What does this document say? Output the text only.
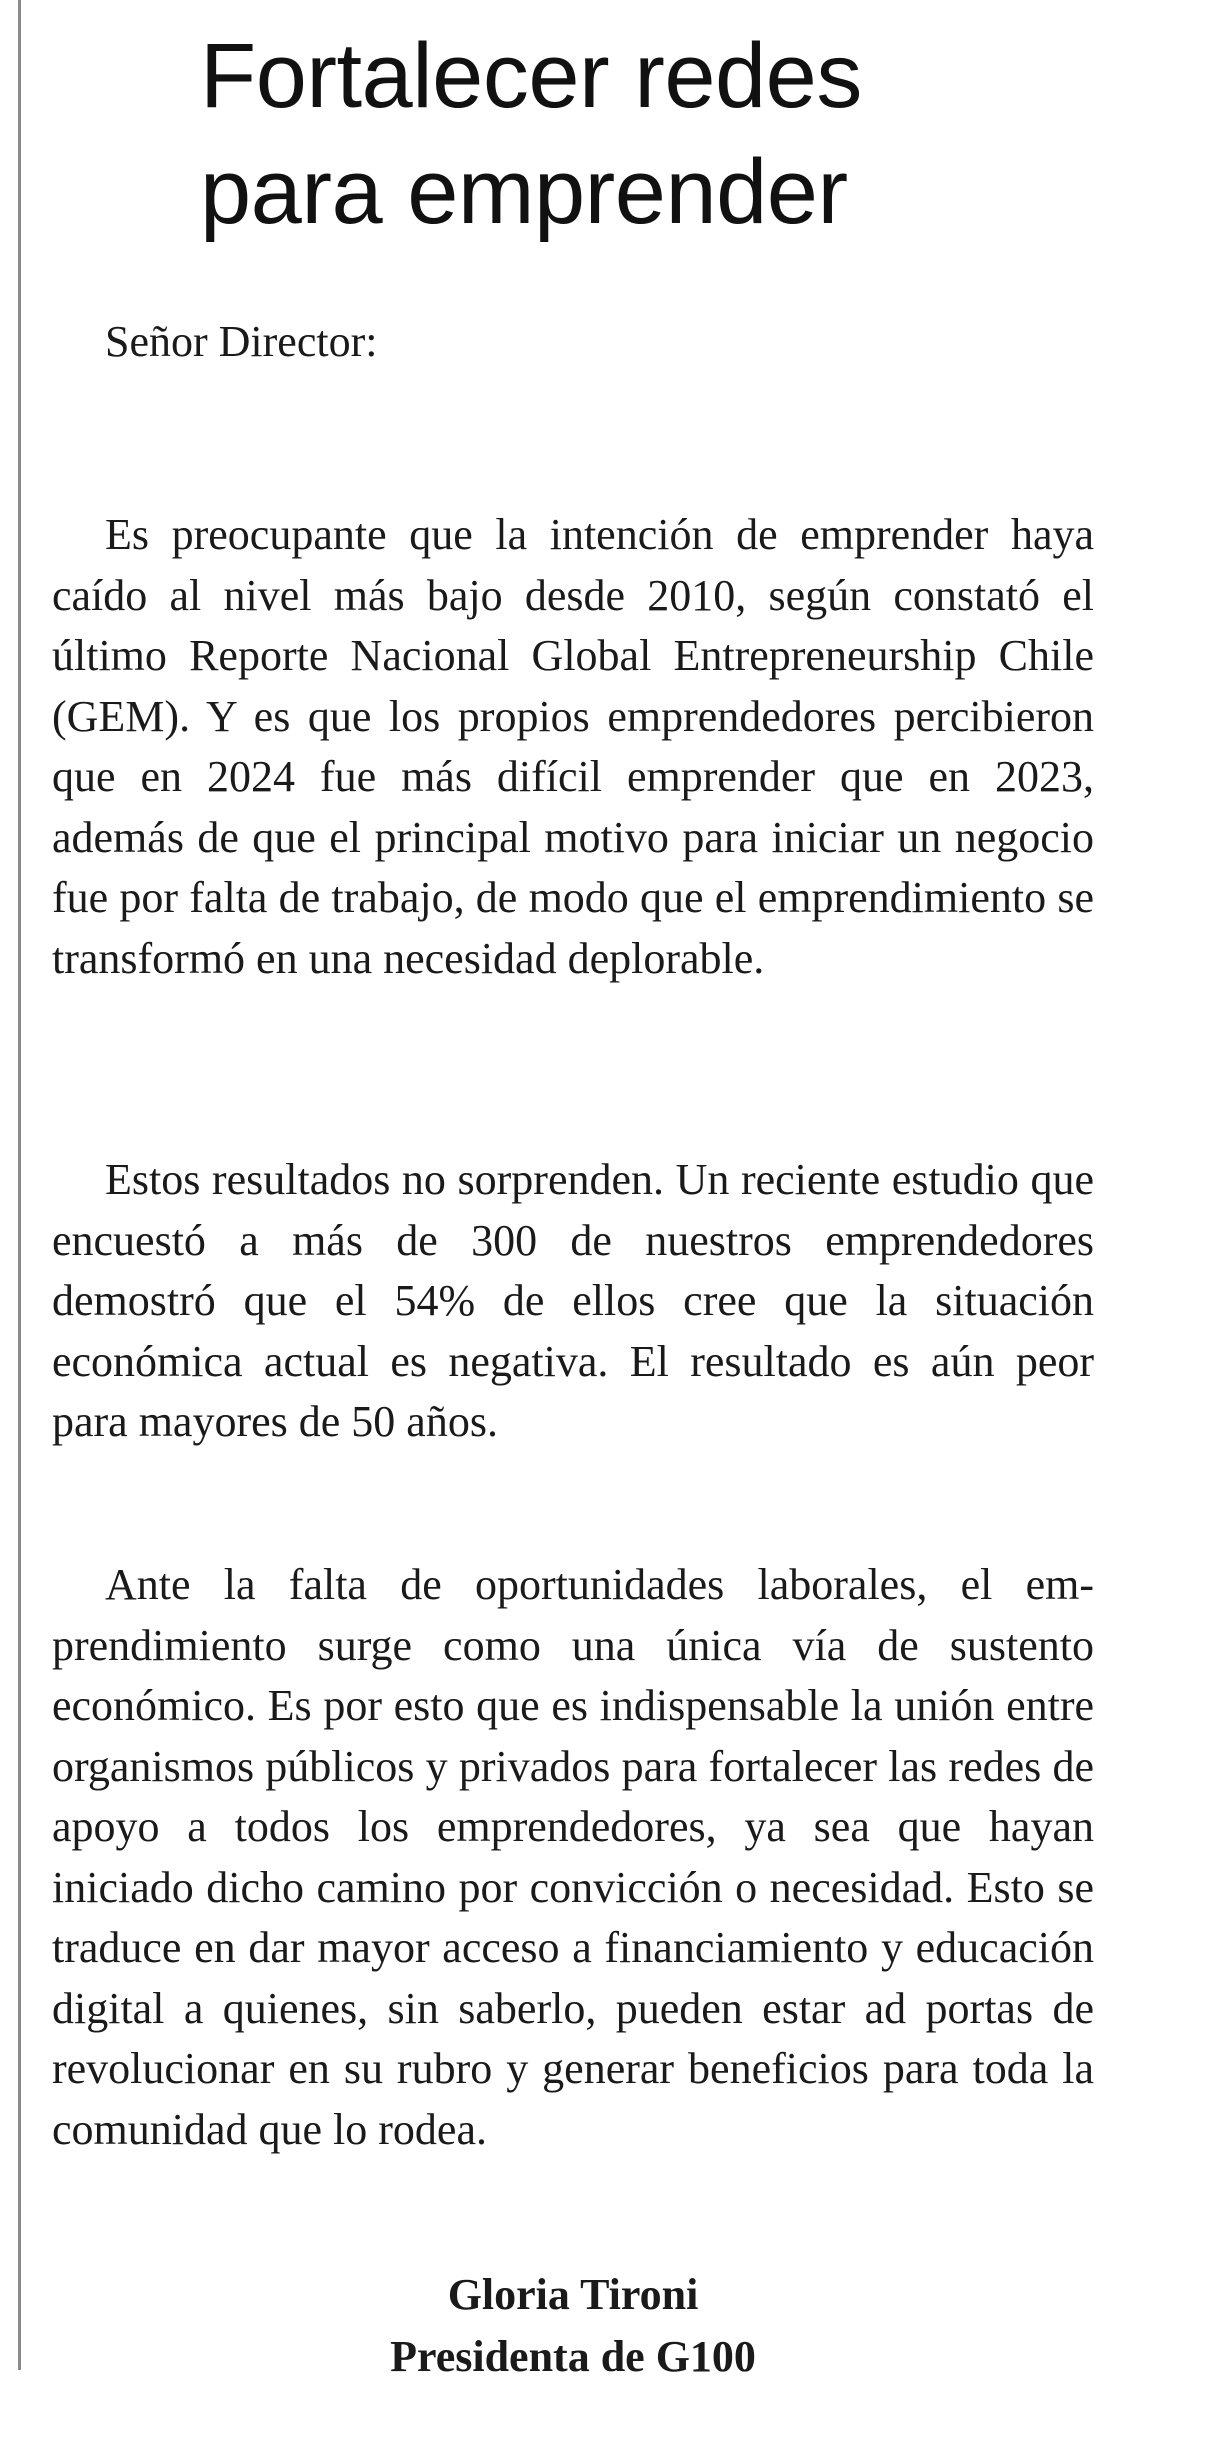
Fortalecer redes
para emprender

Señor Director:

Es preocupante que la intención de emprender haya caído al nivel más bajo desde 2010, según constató el último Reporte Nacional Global Entrepreneurship Chile (GEM). Y es que los propios emprendedores percibieron que en 2024 fue más difícil emprender que en 2023, además de que el principal motivo para iniciar un negocio fue por falta de trabajo, de modo que el emprendimiento se transformó en una necesidad deplorable.

Estos resultados no sorprenden. Un reciente estudio que encuestó a más de 300 de nuestros emprendedores demostró que el 54% de ellos cree que la situación económica actual es negativa. El resultado es aún peor para mayores de 50 años.

Ante la falta de oportunidades laborales, el emprendimiento surge como una única vía de sustento económico. Es por esto que es indispensable la unión entre organismos públicos y privados para fortalecer las redes de apoyo a todos los emprendedores, ya sea que hayan iniciado dicho camino por convicción o necesidad. Esto se traduce en dar mayor acceso a financiamiento y educación digital a quienes, sin saberlo, pueden estar ad portas de revolucionar en su rubro y generar beneficios para toda la comunidad que lo rodea.

Gloria Tironi

Presidenta de G100
